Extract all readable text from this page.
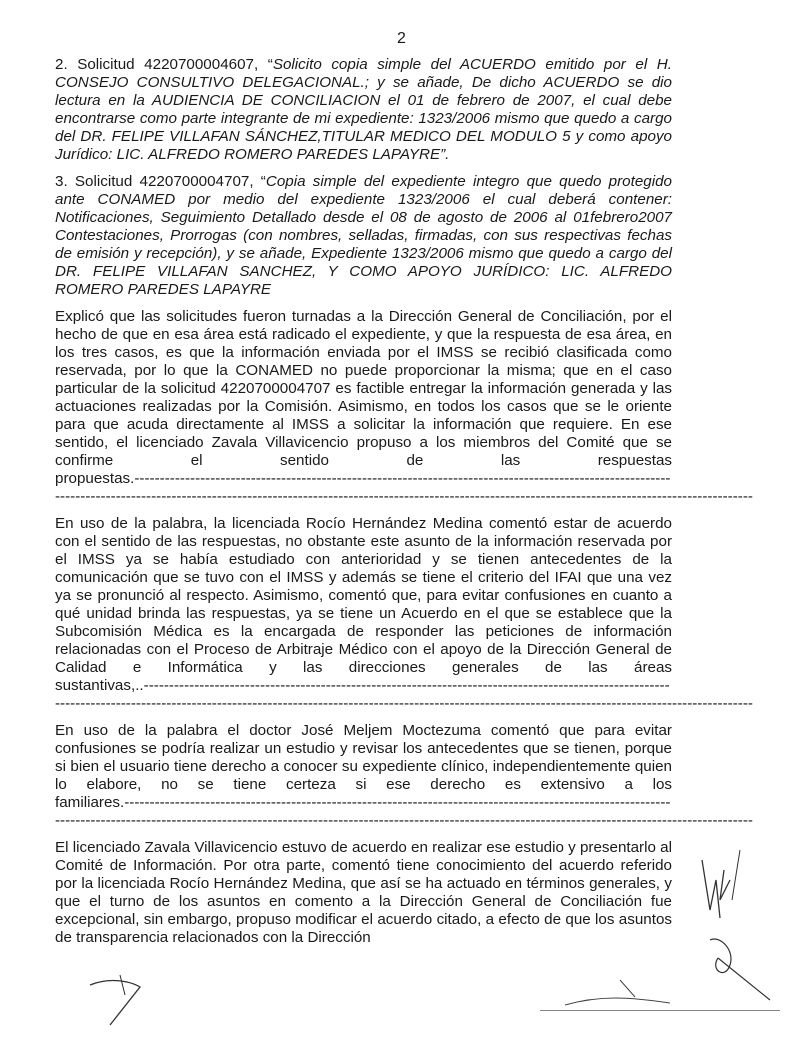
2

2. Solicitud 4220700004607, “Solicito copia simple del ACUERDO emitido por el H. CONSEJO CONSULTIVO DELEGACIONAL.; y se añade, De dicho ACUERDO se dio lectura en la AUDIENCIA DE CONCILIACION el 01 de febrero de 2007, el cual debe encontrarse como parte integrante de mi expediente: 1323/2006 mismo que quedo a cargo del DR. FELIPE VILLAFAN SÁNCHEZ,TITULAR MEDICO DEL MODULO 5 y como apoyo Jurídico: LIC. ALFREDO ROMERO PAREDES LAPAYRE”.

3. Solicitud 4220700004707, “Copia simple del expediente integro que quedo protegido ante CONAMED por medio del expediente 1323/2006 el cual deberá contener: Notificaciones, Seguimiento Detallado desde el 08 de agosto de 2006 al 01febrero2007 Contestaciones, Prorrogas (con nombres, selladas, firmadas, con sus respectivas fechas de emisión y recepción), y se añade, Expediente 1323/2006 mismo que quedo a cargo del DR. FELIPE VILLAFAN SANCHEZ, Y COMO APOYO JURÍDICO: LIC. ALFREDO ROMERO PAREDES LAPAYRE

Explicó que las solicitudes fueron turnadas a la Dirección General de Conciliación, por el hecho de que en esa área está radicado el expediente, y que la respuesta de esa área, en los tres casos, es que la información enviada por el IMSS se recibió clasificada como reservada, por lo que la CONAMED no puede proporcionar la misma; que en el caso particular de la solicitud 4220700004707 es factible entregar la información generada y las actuaciones realizadas por la Comisión. Asimismo, en todos los casos que se le oriente para que acuda directamente al IMSS a solicitar la información que requiere. En ese sentido, el licenciado Zavala Villavicencio propuso a los miembros del Comité que se confirme el sentido de las respuestas propuestas.----------------------------------------------------------------------------------------------------------

------------------------------------------------------------------------------------------------------------------------------------------

En uso de la palabra, la licenciada Rocío Hernández Medina comentó estar de acuerdo con el sentido de las respuestas, no obstante este asunto de la información reservada por el IMSS ya se había estudiado con anterioridad y se tienen antecedentes de la comunicación que se tuvo con el IMSS y además se tiene el criterio del IFAI que una vez ya se pronunció al respecto. Asimismo, comentó que, para evitar confusiones en cuanto a qué unidad brinda las respuestas, ya se tiene un Acuerdo en el que se establece que la Subcomisión Médica es la encargada de responder las peticiones de información relacionadas con el Proceso de Arbitraje Médico con el apoyo de la Dirección General de Calidad e Informática y las direcciones generales de las áreas sustantivas,..--------------------------------------------------------------------------------------------------------

------------------------------------------------------------------------------------------------------------------------------------------

En uso de la palabra el doctor José Meljem Moctezuma comentó que para evitar confusiones se podría realizar un estudio y revisar los antecedentes que se tienen, porque si bien el usuario tiene derecho a conocer su expediente clínico, independientemente quien lo elabore, no se tiene certeza si ese derecho es extensivo a los familiares.------------------------------------------------------------------------------------------------------------

------------------------------------------------------------------------------------------------------------------------------------------

El licenciado Zavala Villavicencio estuvo de acuerdo en realizar ese estudio y presentarlo al Comité de Información. Por otra parte, comentó tiene conocimiento del acuerdo referido por la licenciada Rocío Hernández Medina, que así se ha actuado en términos generales, y que el turno de los asuntos en comento a la Dirección General de Conciliación fue excepcional, sin embargo, propuso modificar el acuerdo citado, a efecto de que los asuntos de transparencia relacionados con la Dirección
